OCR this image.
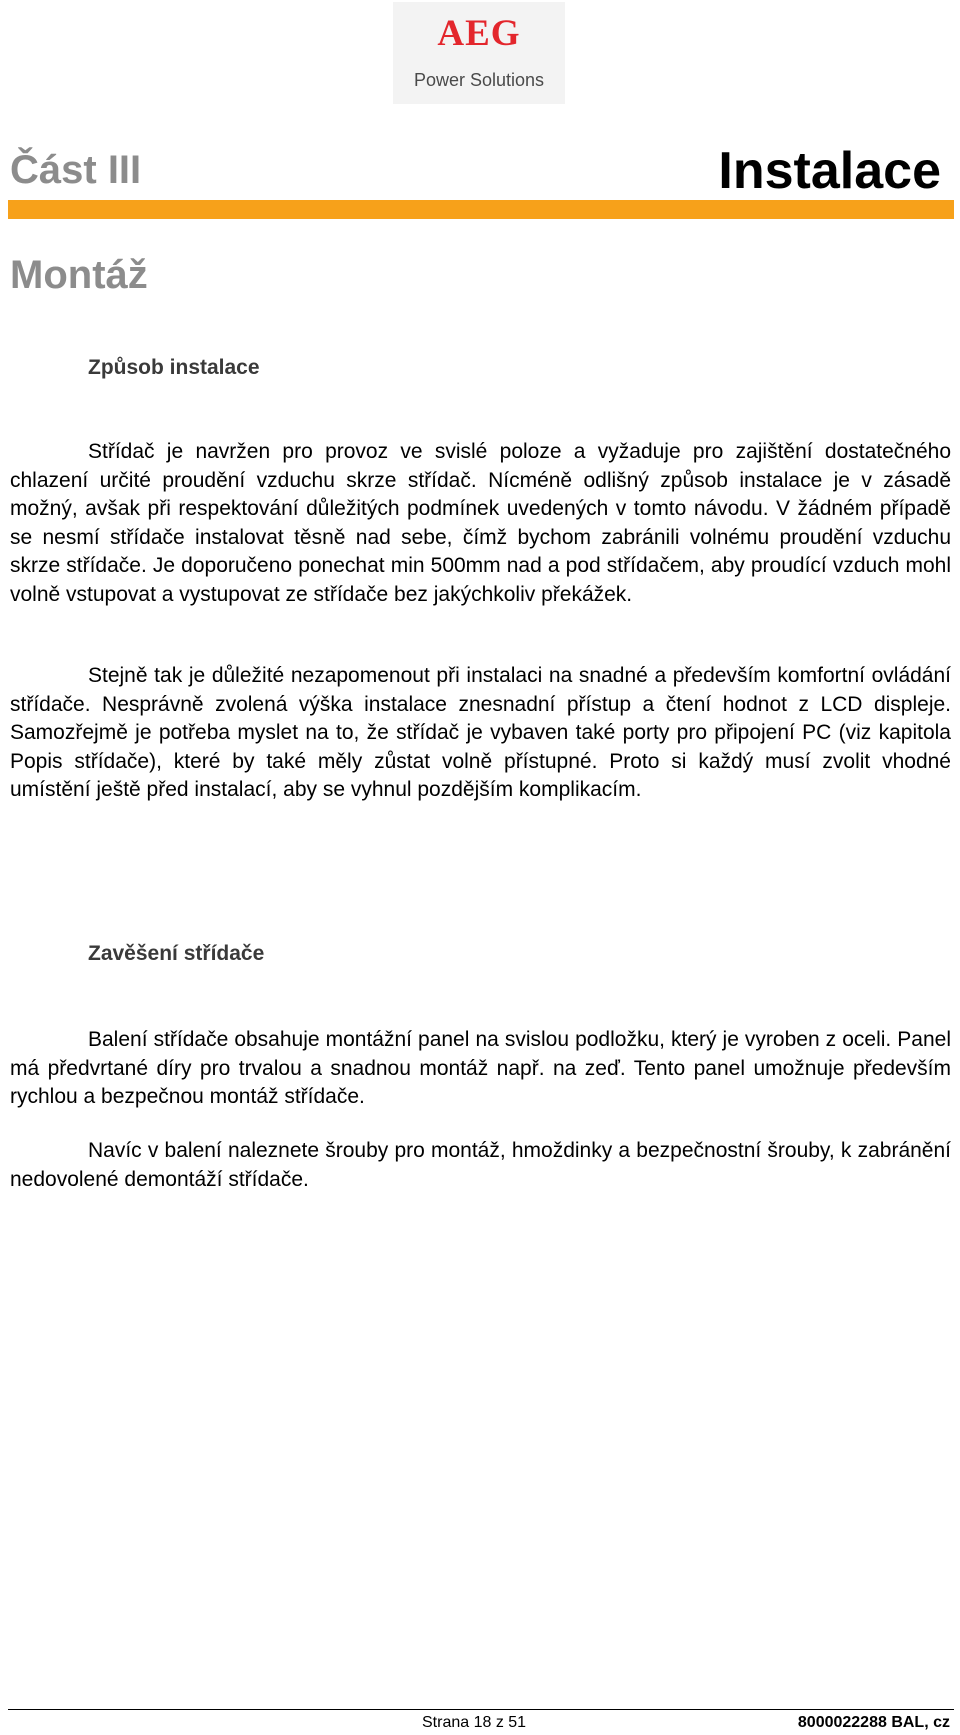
AEG
Power Solutions
Část III	Instalace
Montáž
Způsob instalace

Střídač je navržen pro provoz ve svislé poloze a vyžaduje pro zajištění dostatečného chlazení určité proudění vzduchu skrze střídač. Nícméně odlišný způsob instalace je v zásadě možný, avšak při respektování důležitých podmínek uvedených v tomto návodu. V žádném případě se nesmí střídače instalovat těsně nad sebe, čímž bychom zabránili volnému proudění vzduchu skrze střídače. Je doporučeno ponechat min 500mm nad a pod střídačem, aby proudící vzduch mohl volně vstupovat a vystupovat ze střídače bez jakýchkoliv překážek.

Stejně tak je důležité nezapomenout při instalaci na snadné a především komfortní ovládání střídače. Nesprávně zvolená výška instalace znesnadní přístup a čtení hodnot z LCD displeje. Samozřejmě je potřeba myslet na to, že střídač je vybaven také porty pro připojení PC (viz kapitola Popis střídače), které by také měly zůstat volně přístupné. Proto si každý musí zvolit vhodné umístění ještě před instalací, aby se vyhnul pozdějším komplikacím.

Zavěšení střídače

Balení střídače obsahuje montážní panel na svislou podložku, který je vyroben z oceli. Panel má předvrtané díry pro trvalou a snadnou montáž např. na zeď. Tento panel umožnuje především rychlou a bezpečnou montáž střídače.

Navíc v balení naleznete šrouby pro montáž, hmoždinky a bezpečnostní šrouby, k zabránění nedovolené demontáží střídače.

Strana 18 z 51	8000022288 BAL, cz
